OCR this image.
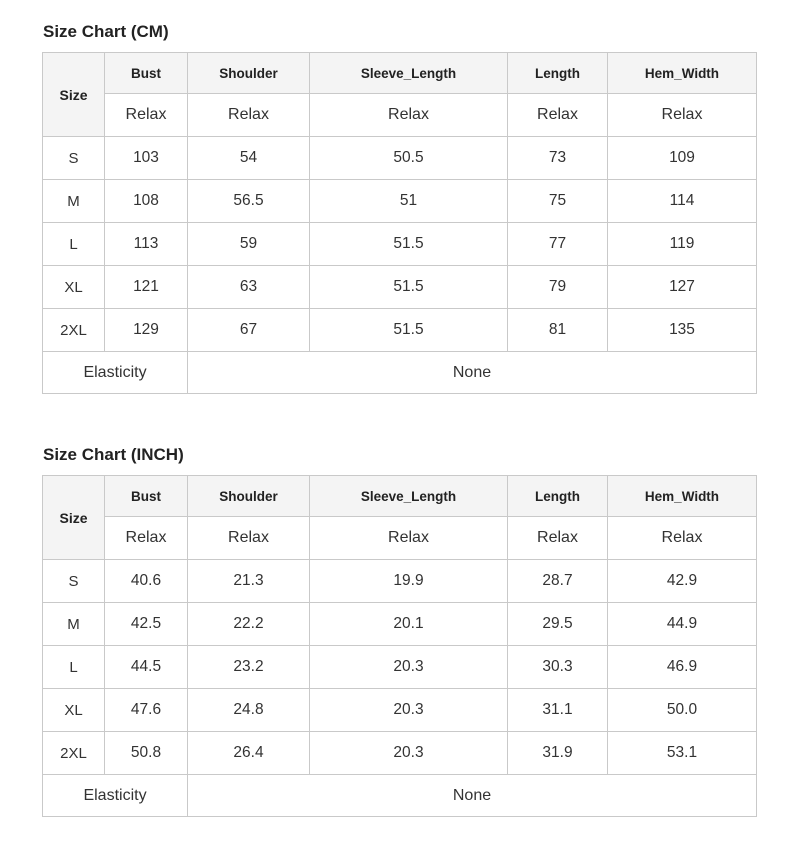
Size Chart (CM)
Size	Bust	Shoulder	Sleeve_Length	Length	Hem_Width
	Relax	Relax	Relax	Relax	Relax
S	103	54	50.5	73	109
M	108	56.5	51	75	114
L	113	59	51.5	77	119
XL	121	63	51.5	79	127
2XL	129	67	51.5	81	135
Elasticity		None			
Size Chart (INCH)
Size	Bust	Shoulder	Sleeve_Length	Length	Hem_Width
	Relax	Relax	Relax	Relax	Relax
S	40.6	21.3	19.9	28.7	42.9
M	42.5	22.2	20.1	29.5	44.9
L	44.5	23.2	20.3	30.3	46.9
XL	47.6	24.8	20.3	31.1	50.0
2XL	50.8	26.4	20.3	31.9	53.1
Elasticity		None			
